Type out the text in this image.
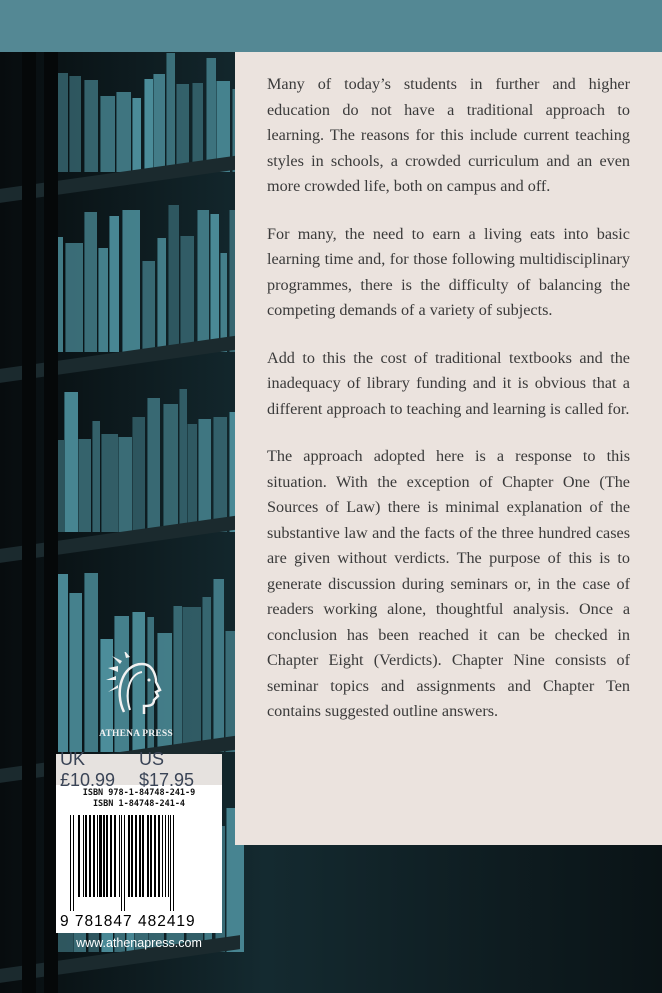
Many of today’s students in further and higher education do not have a traditional approach to learning. The reasons for this include current teaching styles in schools, a crowded curriculum and an even more crowded life, both on campus and off.

For many, the need to earn a living eats into basic learning time and, for those following multidisciplinary programmes, there is the difficulty of balancing the competing demands of a variety of subjects.

Add to this the cost of traditional textbooks and the inadequacy of library funding and it is obvious that a different approach to teaching and learning is called for.

The approach adopted here is a response to this situation. With the exception of Chapter One (The Sources of Law) there is minimal explanation of the substantive law and the facts of the three hundred cases are given without verdicts. The purpose of this is to generate discussion during seminars or, in the case of readers working alone, thoughtful analysis. Once a conclusion has been reached it can be checked in Chapter Eight (Verdicts). Chapter Nine consists of seminar topics and assignments and Chapter Ten contains suggested outline answers.

ATHENA PRESS
UK £10.99
US $17.95
ISBN 978-1-84748-241-9
ISBN 1-84748-241-4
9 781847 482419
www.athenapress.com
